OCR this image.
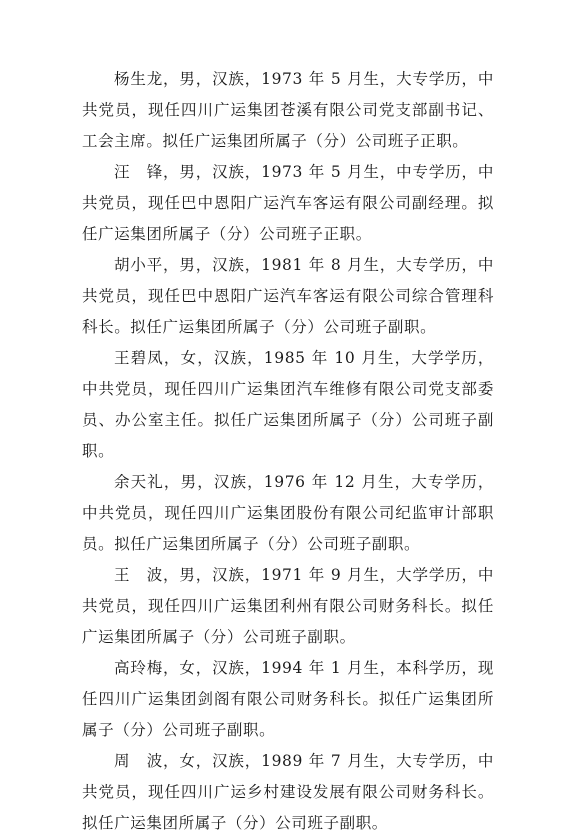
杨生龙，男，汉族，1973 年 5 月生，大专学历，中共党员，现任四川广运集团苍溪有限公司党支部副书记、工会主席。拟任广运集团所属子（分）公司班子正职。

汪　锋，男，汉族，1973 年 5 月生，中专学历，中共党员，现任巴中恩阳广运汽车客运有限公司副经理。拟任广运集团所属子（分）公司班子正职。

胡小平，男，汉族，1981 年 8 月生，大专学历，中共党员，现任巴中恩阳广运汽车客运有限公司综合管理科科长。拟任广运集团所属子（分）公司班子副职。

王碧凤，女，汉族，1985 年 10 月生，大学学历，中共党员，现任四川广运集团汽车维修有限公司党支部委员、办公室主任。拟任广运集团所属子（分）公司班子副职。

余天礼，男，汉族，1976 年 12 月生，大专学历，中共党员，现任四川广运集团股份有限公司纪监审计部职员。拟任广运集团所属子（分）公司班子副职。

王　波，男，汉族，1971 年 9 月生，大学学历，中共党员，现任四川广运集团利州有限公司财务科长。拟任广运集团所属子（分）公司班子副职。

高玲梅，女，汉族，1994 年 1 月生，本科学历，现任四川广运集团剑阁有限公司财务科长。拟任广运集团所属子（分）公司班子副职。

周　波，女，汉族，1989 年 7 月生，大专学历，中共党员，现任四川广运乡村建设发展有限公司财务科长。拟任广运集团所属子（分）公司班子副职。
